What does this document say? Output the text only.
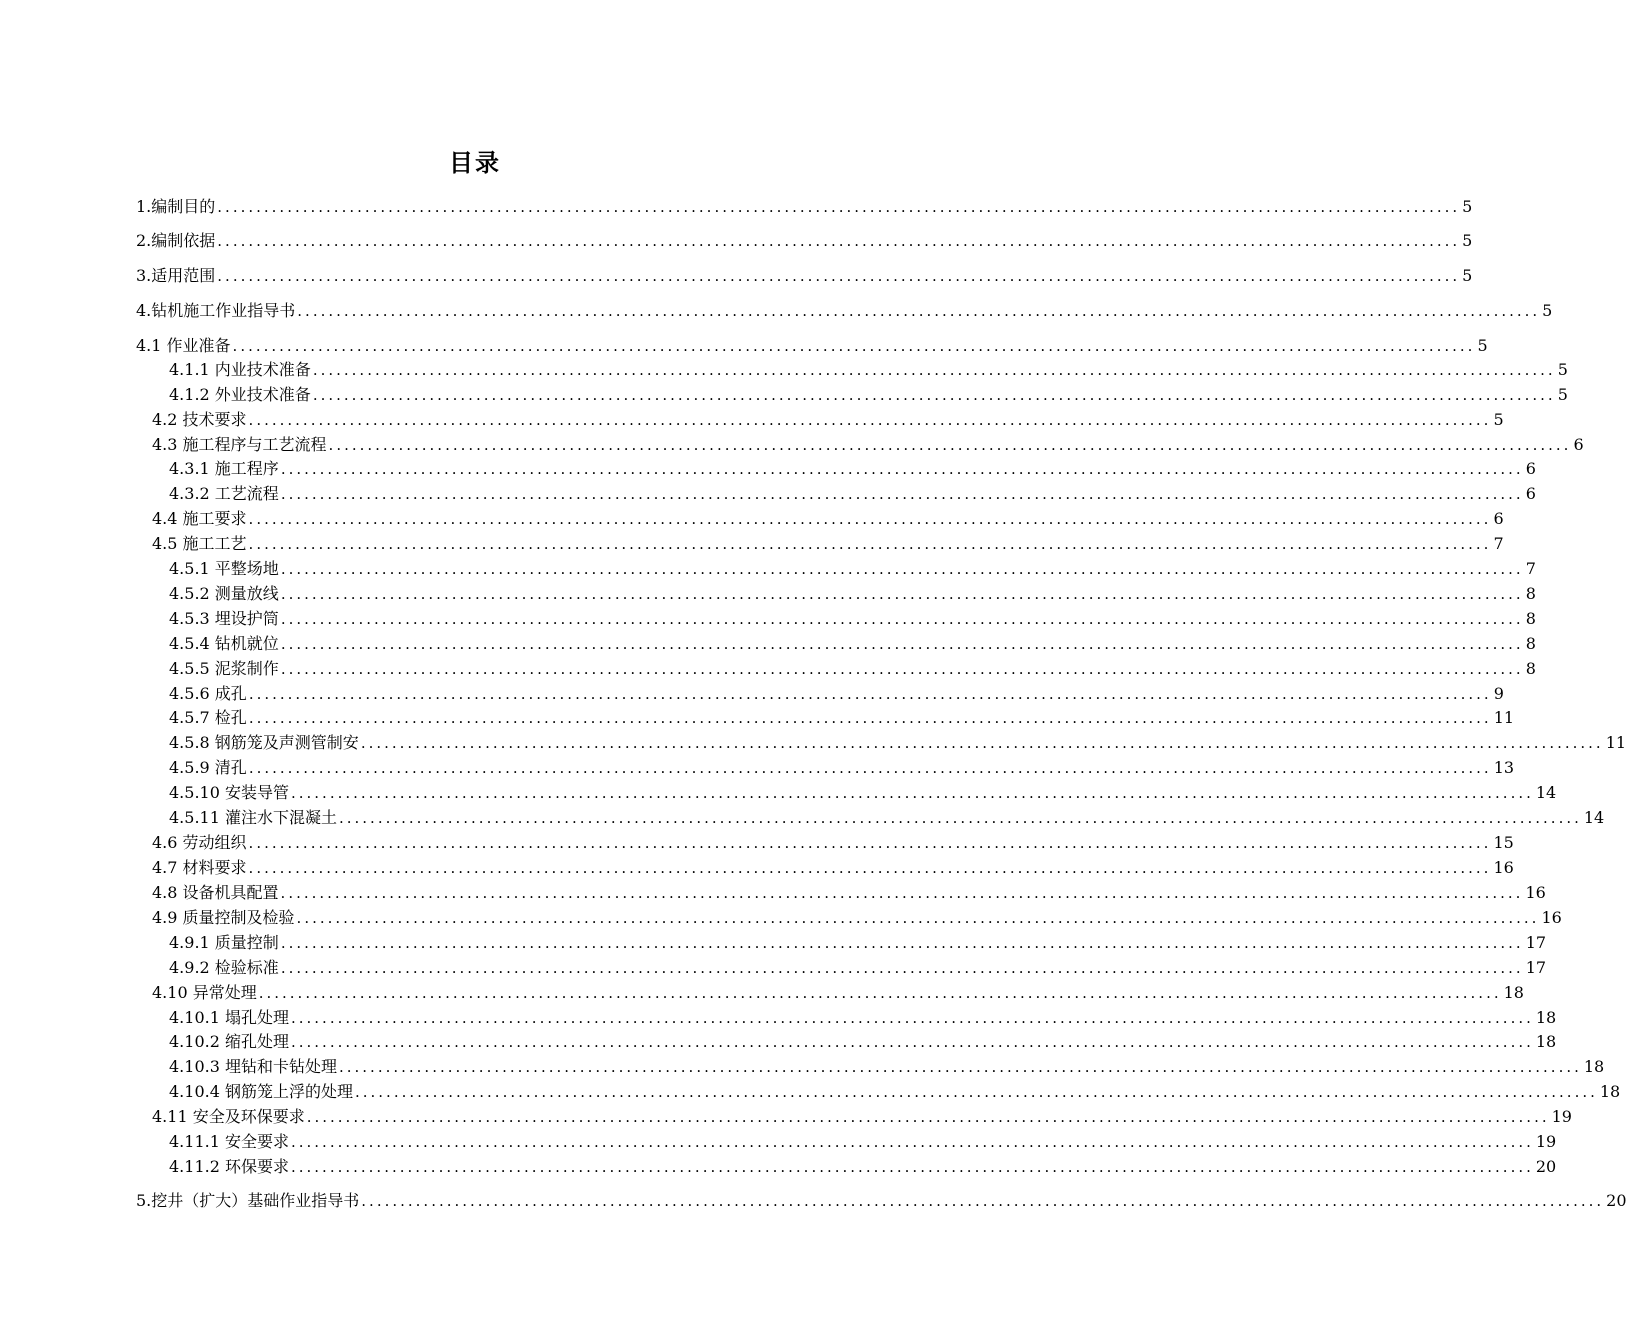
目录
1.编制目的 ................................................................................................................................................................ 5
2.编制依据 ................................................................................................................................................................ 5
3.适用范围 ................................................................................................................................................................ 5
4.钻机施工作业指导书 ................................................................................................................................................................ 5
4.1 作业准备 ................................................................................................................................................................ 5
4.1.1 内业技术准备 ................................................................................................................................................................ 5
4.1.2 外业技术准备 ................................................................................................................................................................ 5
4.2 技术要求 ................................................................................................................................................................ 5
4.3 施工程序与工艺流程 ................................................................................................................................................................ 6
4.3.1 施工程序 ................................................................................................................................................................ 6
4.3.2 工艺流程 ................................................................................................................................................................ 6
4.4 施工要求 ................................................................................................................................................................ 6
4.5 施工工艺 ................................................................................................................................................................ 7
4.5.1 平整场地 ................................................................................................................................................................ 7
4.5.2 测量放线 ................................................................................................................................................................ 8
4.5.3 埋设护筒 ................................................................................................................................................................ 8
4.5.4 钻机就位 ................................................................................................................................................................ 8
4.5.5 泥浆制作 ................................................................................................................................................................ 8
4.5.6 成孔 ................................................................................................................................................................ 9
4.5.7 检孔 ................................................................................................................................................................ 11
4.5.8 钢筋笼及声测管制安 ................................................................................................................................................................ 11
4.5.9 清孔 ................................................................................................................................................................ 13
4.5.10 安装导管 ................................................................................................................................................................ 14
4.5.11 灌注水下混凝土 ................................................................................................................................................................ 14
4.6 劳动组织 ................................................................................................................................................................ 15
4.7 材料要求 ................................................................................................................................................................ 16
4.8 设备机具配置 ................................................................................................................................................................ 16
4.9 质量控制及检验 ................................................................................................................................................................ 16
4.9.1 质量控制 ................................................................................................................................................................ 17
4.9.2 检验标准 ................................................................................................................................................................ 17
4.10 异常处理 ................................................................................................................................................................ 18
4.10.1 塌孔处理 ................................................................................................................................................................ 18
4.10.2 缩孔处理 ................................................................................................................................................................ 18
4.10.3 埋钻和卡钻处理 ................................................................................................................................................................ 18
4.10.4 钢筋笼上浮的处理 ................................................................................................................................................................ 18
4.11 安全及环保要求 ................................................................................................................................................................ 19
4.11.1 安全要求 ................................................................................................................................................................ 19
4.11.2 环保要求 ................................................................................................................................................................ 20
5.挖井（扩大）基础作业指导书 ................................................................................................................................................................ 20
